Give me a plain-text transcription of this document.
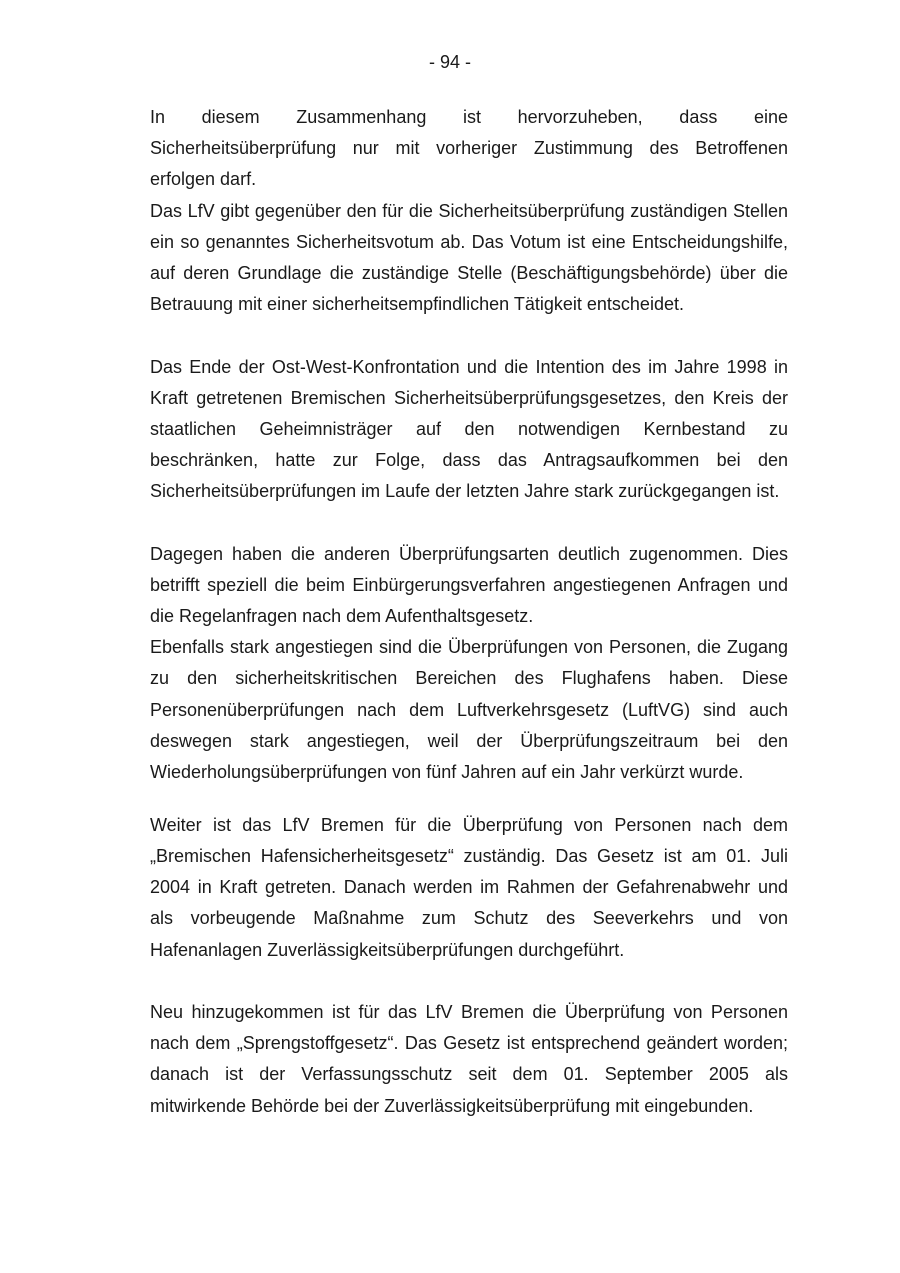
- 94 -
In diesem Zusammenhang ist hervorzuheben, dass eine
Sicherheitsüberprüfung nur mit vorheriger Zustimmung des Betroffenen
erfolgen darf.
Das LfV gibt gegenüber den für die Sicherheitsüberprüfung zuständigen Stellen
ein so genanntes Sicherheitsvotum ab. Das Votum ist eine Entscheidungshilfe,
auf deren Grundlage die zuständige Stelle (Beschäftigungsbehörde) über die
Betrauung mit einer sicherheitsempfindlichen Tätigkeit entscheidet.
Das Ende der Ost-West-Konfrontation und die Intention des im Jahre 1998 in
Kraft getretenen Bremischen Sicherheitsüberprüfungsgesetzes, den Kreis der
staatlichen Geheimnisträger auf den notwendigen Kernbestand zu
beschränken, hatte zur Folge, dass das Antragsaufkommen bei den
Sicherheitsüberprüfungen im Laufe der letzten Jahre stark zurückgegangen ist.
Dagegen haben die anderen Überprüfungsarten deutlich zugenommen. Dies
betrifft speziell die beim Einbürgerungsverfahren angestiegenen Anfragen und
die Regelanfragen nach dem Aufenthaltsgesetz.
Ebenfalls stark angestiegen sind die Überprüfungen von Personen, die Zugang
zu den sicherheitskritischen Bereichen des Flughafens haben. Diese
Personenüberprüfungen nach dem Luftverkehrsgesetz (LuftVG) sind auch
deswegen stark angestiegen, weil der Überprüfungszeitraum bei den
Wiederholungsüberprüfungen von fünf Jahren auf ein Jahr verkürzt wurde.
Weiter ist das LfV Bremen für die Überprüfung von Personen nach dem
„Bremischen Hafensicherheitsgesetz“ zuständig. Das Gesetz ist am 01. Juli
2004 in Kraft getreten. Danach werden im Rahmen der Gefahrenabwehr und
als vorbeugende Maßnahme zum Schutz des Seeverkehrs und von
Hafenanlagen Zuverlässigkeitsüberprüfungen durchgeführt.
Neu hinzugekommen ist für das LfV Bremen die Überprüfung von Personen
nach dem „Sprengstoffgesetz“. Das Gesetz ist entsprechend geändert worden;
danach ist der Verfassungsschutz seit dem 01. September 2005 als
mitwirkende Behörde bei der Zuverlässigkeitsüberprüfung mit eingebunden.
